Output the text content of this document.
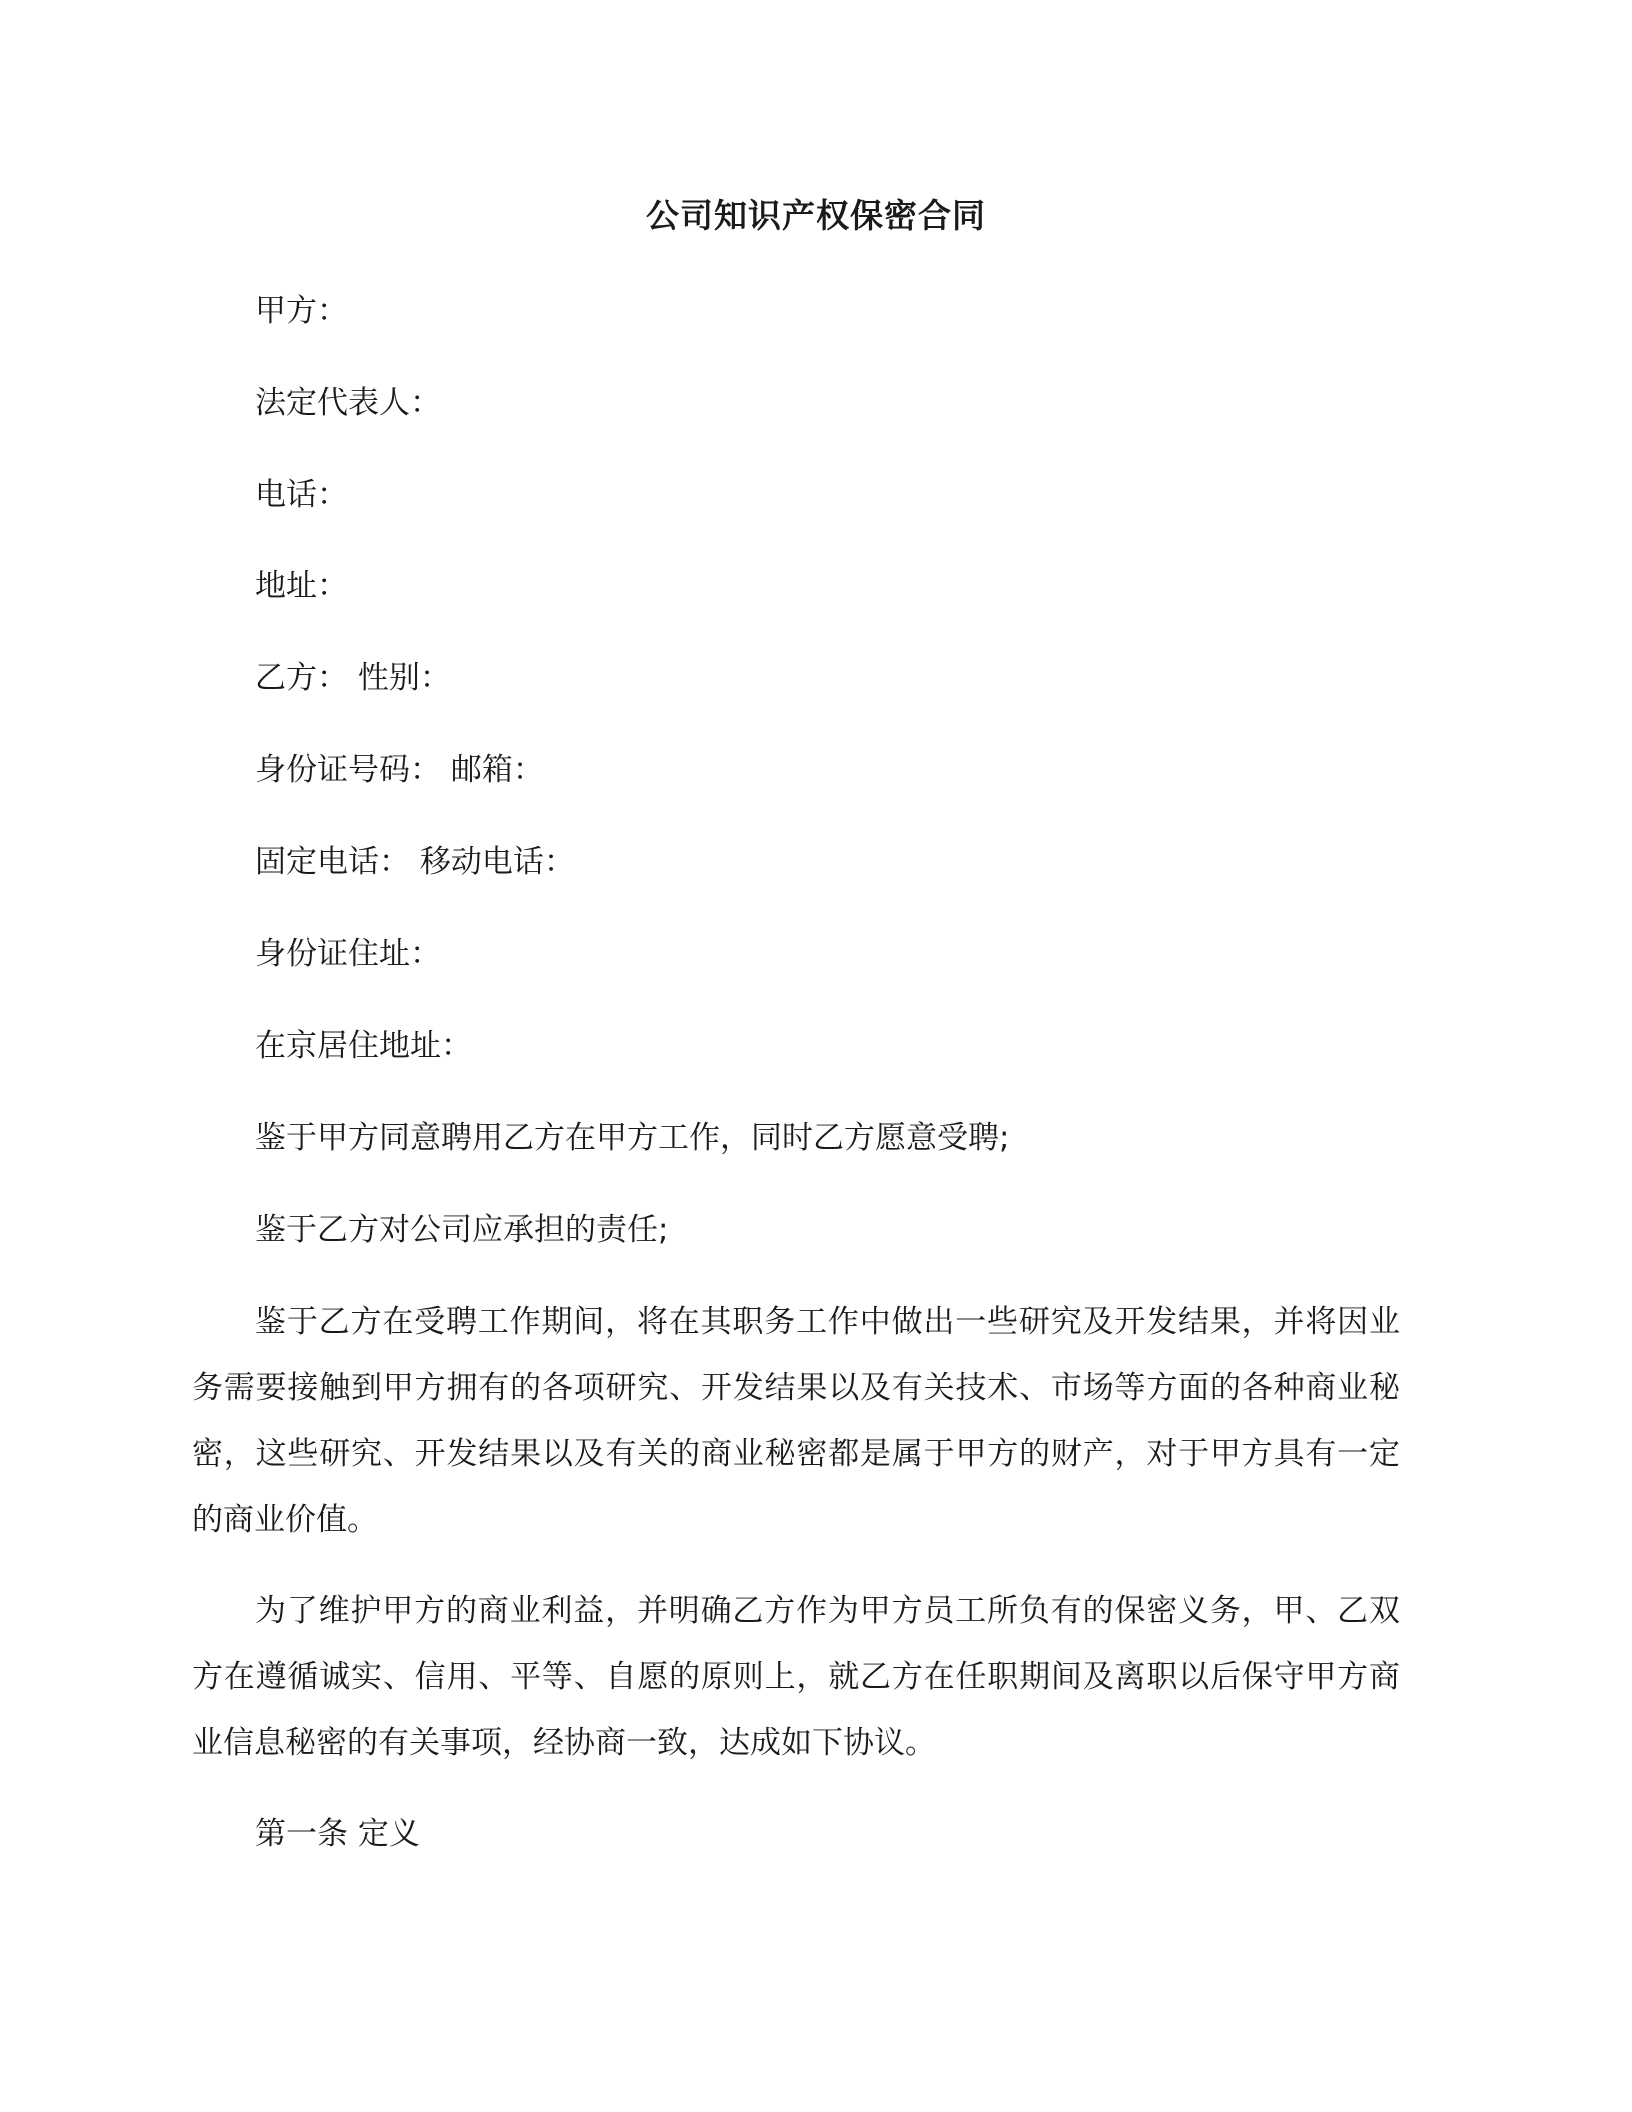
公司知识产权保密合同
甲方：
法定代表人：
电话：
地址：
乙方： 性别：
身份证号码： 邮箱：
固定电话： 移动电话：
身份证住址：
在京居住地址：
鉴于甲方同意聘用乙方在甲方工作，同时乙方愿意受聘;
鉴于乙方对公司应承担的责任;
鉴于乙方在受聘工作期间，将在其职务工作中做出一些研究及开发结果，并将因业务需要接触到甲方拥有的各项研究、开发结果以及有关技术、市场等方面的各种商业秘密，这些研究、开发结果以及有关的商业秘密都是属于甲方的财产，对于甲方具有一定的商业价值。
为了维护甲方的商业利益，并明确乙方作为甲方员工所负有的保密义务，甲、乙双方在遵循诚实、信用、平等、自愿的原则上，就乙方在任职期间及离职以后保守甲方商业信息秘密的有关事项，经协商一致，达成如下协议。
第一条 定义
